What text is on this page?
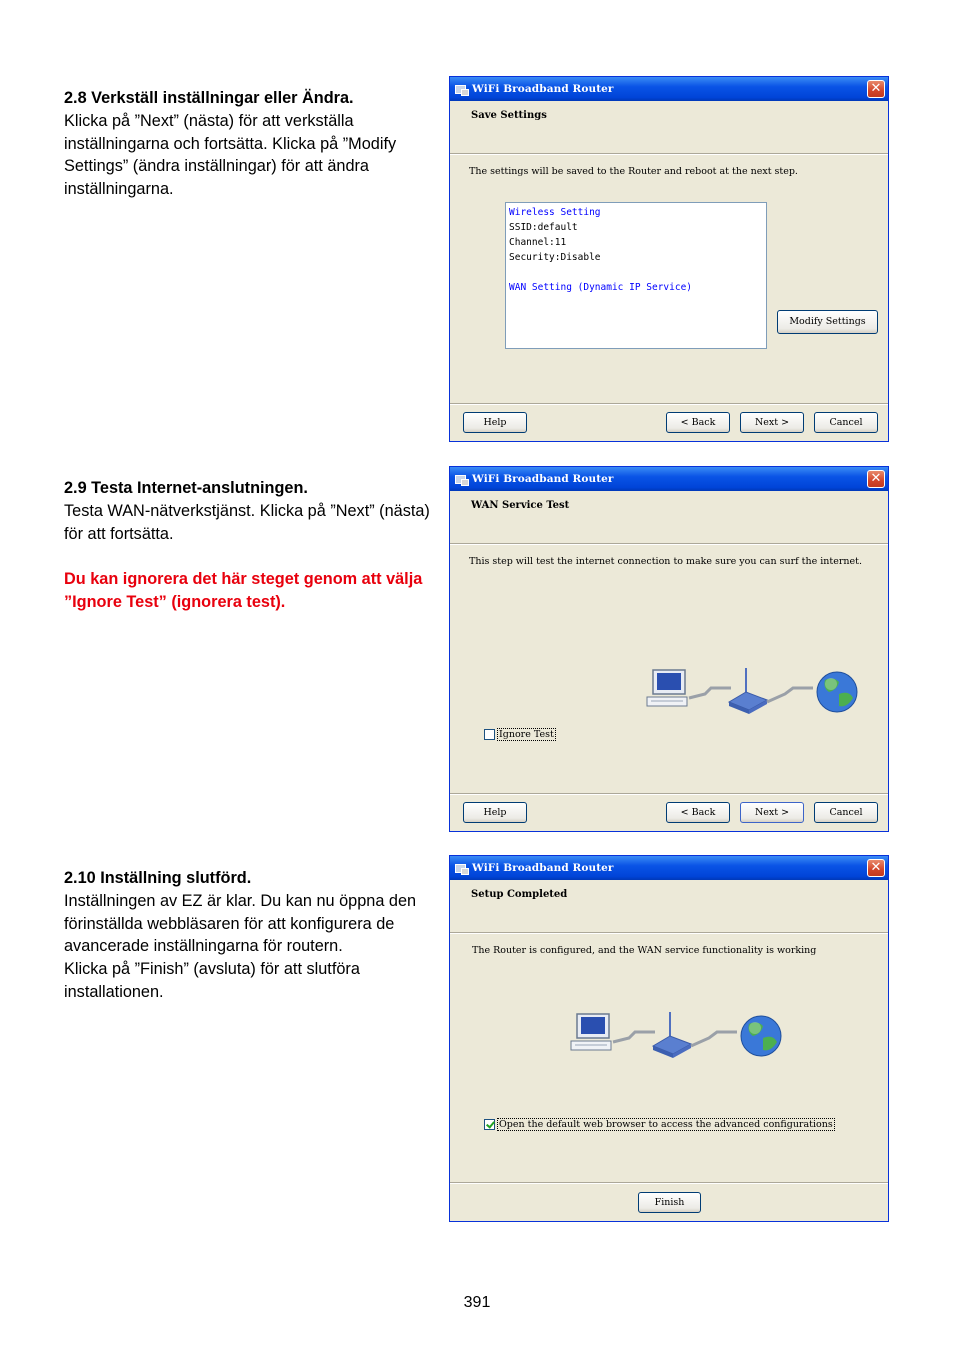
2.8 Verkställ inställningar eller Ändra.

Klicka på ”Next” (nästa) för att verkställa inställningarna och fortsätta. Klicka på ”Modify Settings” (ändra inställningar) för att ändra inställningarna.

2.9 Testa Internet-anslutningen.

Testa WAN-nätverkstjänst. Klicka på ”Next” (nästa) för att fortsätta.

Du kan ignorera det här steget genom att välja ”Ignore Test” (ignorera test).

2.10 Inställning slutförd.

Inställningen av EZ är klar. Du kan nu öppna den förinställda webbläsaren för att konfigurera de avancerade inställningarna för routern.

Klicka på ”Finish” (avsluta) för att slutföra installationen.

WiFi Broadband Router	✕
Save Settings
The settings will be saved to the Router and reboot at the next step.
Wireless Setting
SSID:default
Channel:11
Security:Disable
WAN Setting (Dynamic IP Service)
Modify Settings
Help	< Back	Next >	Cancel
WiFi Broadband Router	✕
WAN Service Test
This step will test the internet connection to make sure you can surf the internet.
Ignore Test
Help	< Back	Next >	Cancel
WiFi Broadband Router	✕
Setup Completed
The Router is configured, and the WAN service functionality is working
Open the default web browser to access the advanced configurations
Finish
391
